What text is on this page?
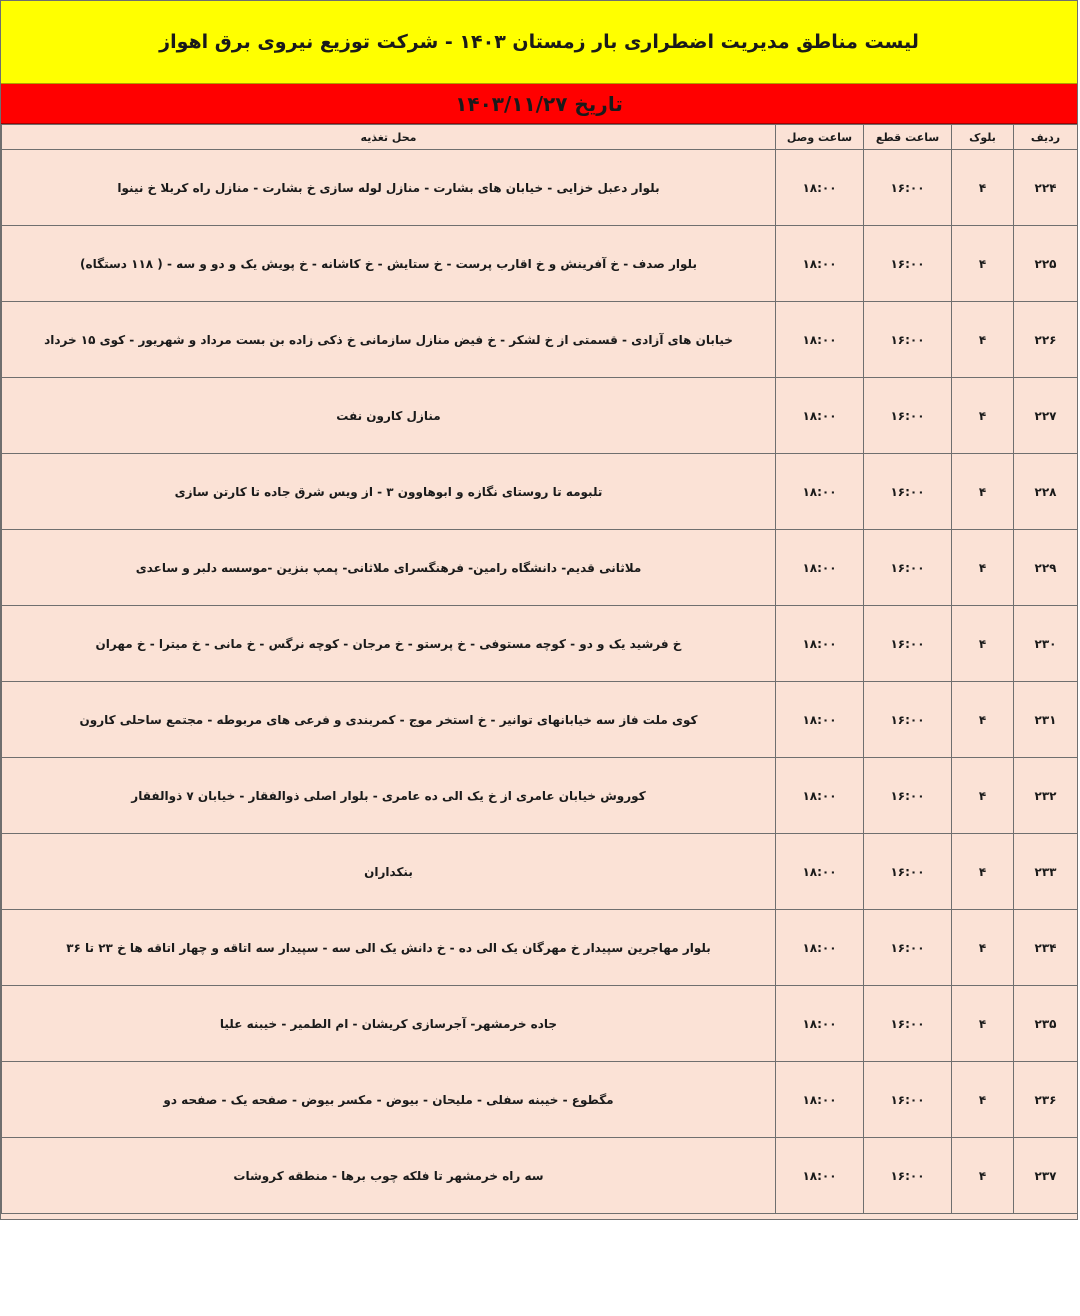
لیست مناطق مدیریت اضطراری بار زمستان ۱۴۰۳ - شرکت توزیع نیروی برق اهواز
تاریخ ۱۴۰۳/۱۱/۲۷
ردیف	بلوک	ساعت قطع	ساعت وصل	محل تغذیه
۲۲۴	۴	۱۶:۰۰	۱۸:۰۰	بلوار دعبل خزایی - خیابان های بشارت - منازل لوله سازی خ بشارت - منازل راه کربلا خ نینوا
۲۲۵	۴	۱۶:۰۰	۱۸:۰۰	بلوار صدف - خ آفرینش و خ اقارب پرست - خ ستایش - خ کاشانه - خ پویش یک و دو و سه - ( ۱۱۸ دستگاه)
۲۲۶	۴	۱۶:۰۰	۱۸:۰۰	خیابان های آزادی - قسمتی از خ لشکر - خ فیض منازل سازمانی خ ذکی زاده بن بست مرداد و شهریور - کوی ۱۵ خرداد
۲۲۷	۴	۱۶:۰۰	۱۸:۰۰	منازل کارون نفت
۲۲۸	۴	۱۶:۰۰	۱۸:۰۰	تلبومه تا روستای نگازه و ابوهاوون ۳ - از ویس شرق جاده تا کارتن سازی
۲۲۹	۴	۱۶:۰۰	۱۸:۰۰	ملاثانی قدیم- دانشگاه رامین- فرهنگسرای ملاثانی- پمپ بنزین -موسسه دلبر و ساعدی
۲۳۰	۴	۱۶:۰۰	۱۸:۰۰	خ فرشید یک و دو - کوچه مستوفی - خ پرستو - خ مرجان - کوچه نرگس - خ مانی - خ میترا - خ مهران
۲۳۱	۴	۱۶:۰۰	۱۸:۰۰	کوی ملت فاز سه خیابانهای توانیر - خ استخر موج - کمربندی و فرعی های مربوطه - مجتمع ساحلی کارون
۲۳۲	۴	۱۶:۰۰	۱۸:۰۰	کوروش خیابان عامری از خ یک الی ده عامری - بلوار اصلی ذوالفقار - خیابان ۷ ذوالفقار
۲۳۳	۴	۱۶:۰۰	۱۸:۰۰	بنکداران
۲۳۴	۴	۱۶:۰۰	۱۸:۰۰	بلوار مهاجرین سپیدار خ مهرگان یک الی ده - خ دانش یک الی سه - سپیدار سه اتاقه و چهار اتاقه ها خ ۲۳ تا ۳۶
۲۳۵	۴	۱۶:۰۰	۱۸:۰۰	جاده خرمشهر- آجرسازی کریشان - ام الطمیر - خیبنه علیا
۲۳۶	۴	۱۶:۰۰	۱۸:۰۰	مگطوع - خیبنه سفلی - ملیحان - بیوض - مکسر بیوض - صفحه یک - صفحه دو
۲۳۷	۴	۱۶:۰۰	۱۸:۰۰	سه راه خرمشهر تا فلکه چوب برها - منطقه کروشات
